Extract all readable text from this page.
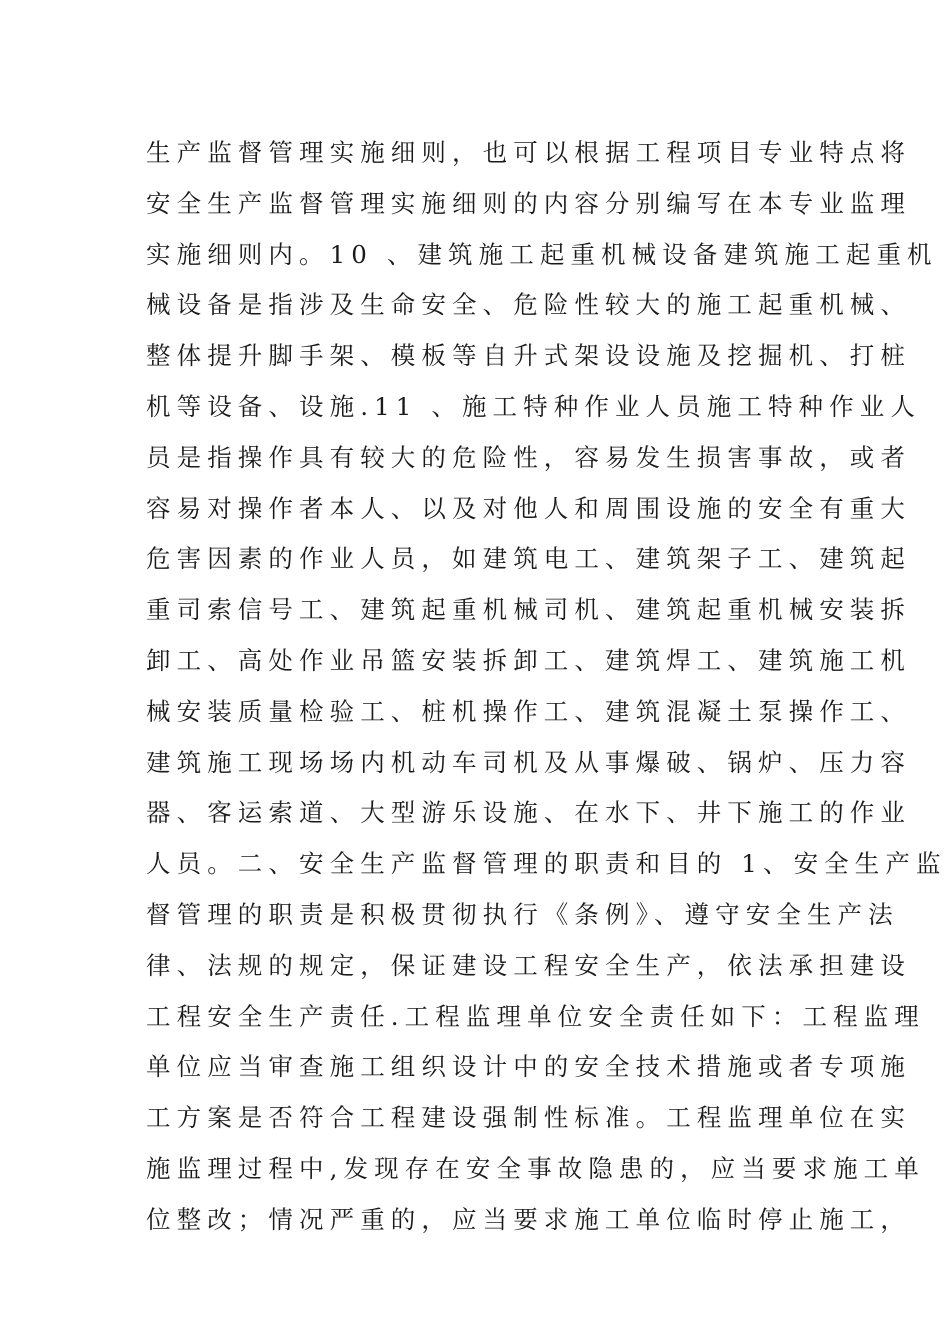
生产监督管理实施细则，也可以根据工程项目专业特点将
安全生产监督管理实施细则的内容分别编写在本专业监理
实施细则内。10 、建筑施工起重机械设备建筑施工起重机
械设备是指涉及生命安全、危险性较大的施工起重机械、
整体提升脚手架、模板等自升式架设设施及挖掘机、打桩
机等设备、设施.11 、施工特种作业人员施工特种作业人
员是指操作具有较大的危险性，容易发生损害事故，或者
容易对操作者本人、以及对他人和周围设施的安全有重大
危害因素的作业人员，如建筑电工、建筑架子工、建筑起
重司索信号工、建筑起重机械司机、建筑起重机械安装拆
卸工、高处作业吊篮安装拆卸工、建筑焊工、建筑施工机
械安装质量检验工、桩机操作工、建筑混凝土泵操作工、
建筑施工现场场内机动车司机及从事爆破、锅炉、压力容
器、客运索道、大型游乐设施、在水下、井下施工的作业
人员。二、安全生产监督管理的职责和目的 1、安全生产监
督管理的职责是积极贯彻执行《条例》、遵守安全生产法
律、法规的规定，保证建设工程安全生产，依法承担建设
工程安全生产责任.工程监理单位安全责任如下：工程监理
单位应当审查施工组织设计中的安全技术措施或者专项施
工方案是否符合工程建设强制性标准。工程监理单位在实
施监理过程中,发现存在安全事故隐患的，应当要求施工单
位整改；情况严重的，应当要求施工单位临时停止施工，
